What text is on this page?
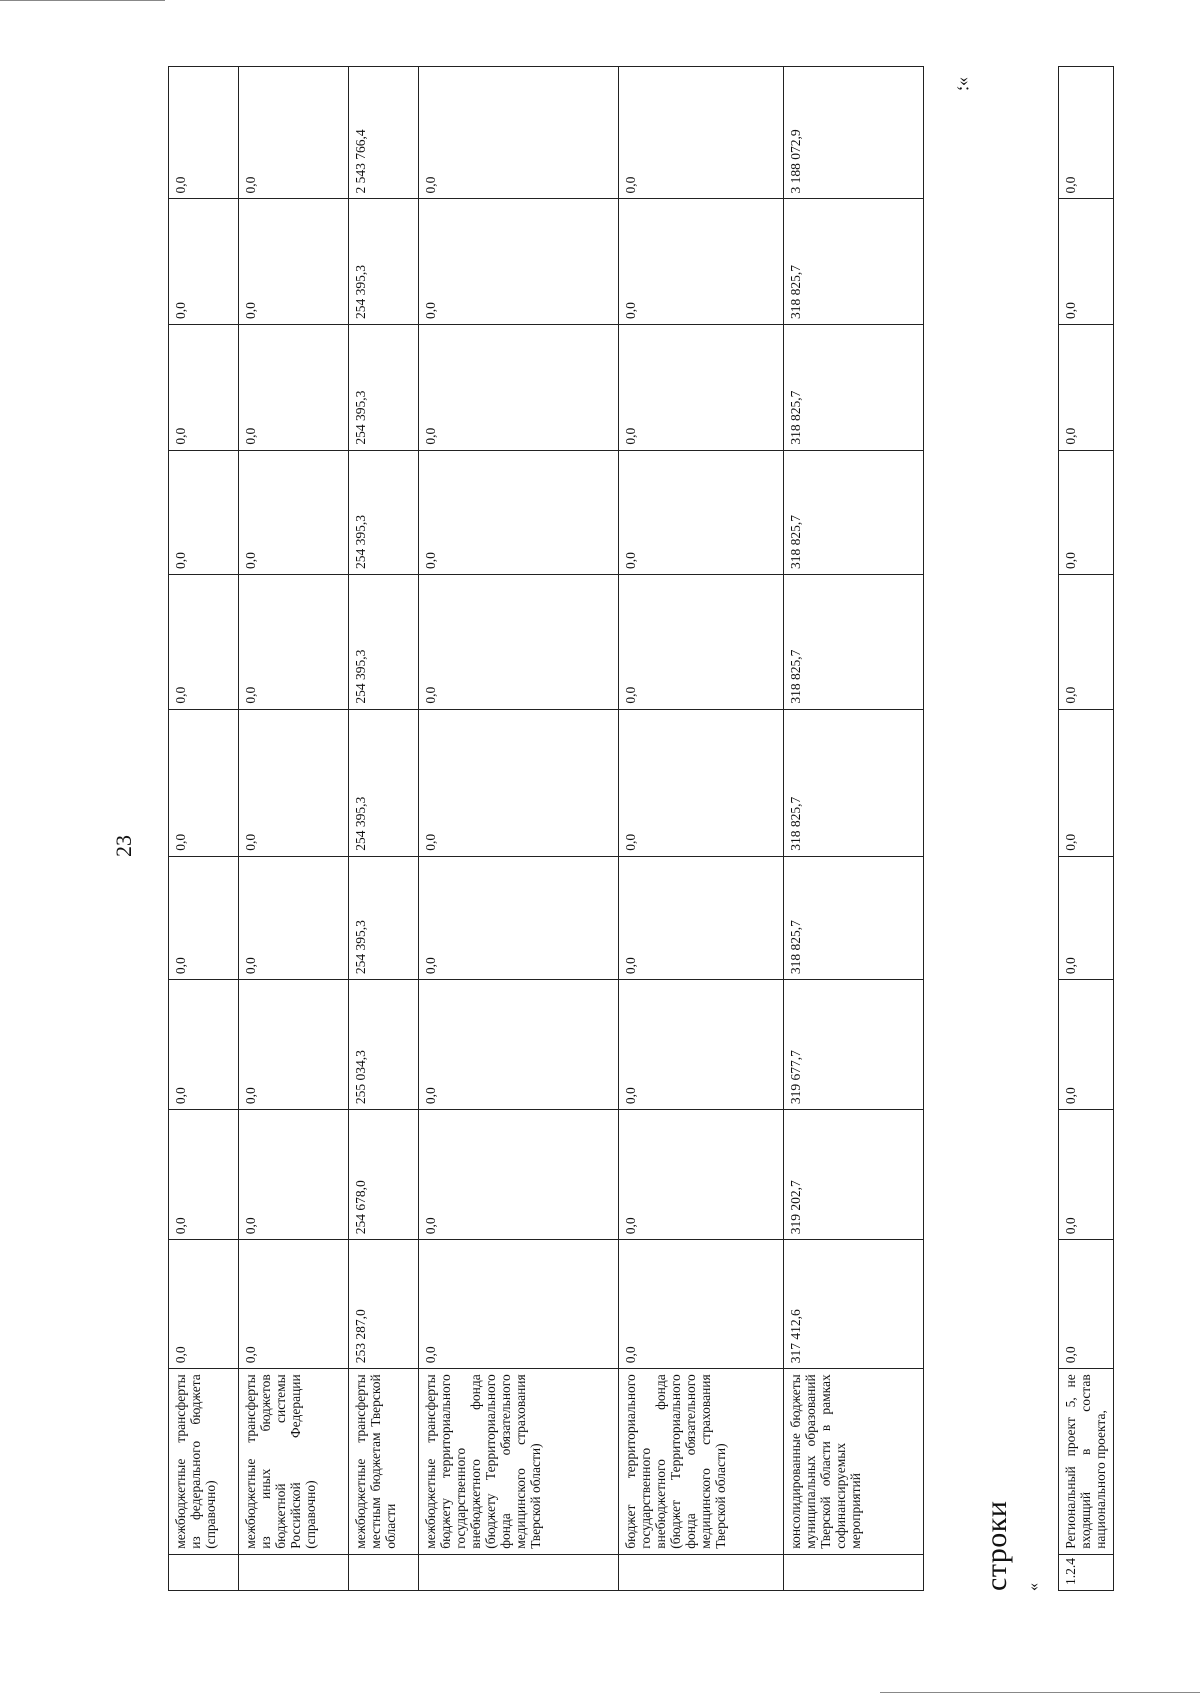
23
	межбюджетные трансферты из федерального бюджета (справочно)	0,0	0,0	0,0	0,0	0,0	0,0	0,0	0,0	0,0	0,0
	межбюджетные трансферты из иных бюджетов бюджетной системы Российской Федерации (справочно)	0,0	0,0	0,0	0,0	0,0	0,0	0,0	0,0	0,0	0,0
	межбюджетные трансферты местным бюджетам Тверской области	253 287,0	254 678,0	255 034,3	254 395,3	254 395,3	254 395,3	254 395,3	254 395,3	254 395,3	2 543 766,4
	межбюджетные трансферты бюджету территориального государственного внебюджетного фонда (бюджету Территориального фонда обязательного медицинского страхования Тверской области)	0,0	0,0	0,0	0,0	0,0	0,0	0,0	0,0	0,0	0,0
	бюджет территориального государственного внебюджетного фонда (бюджет Территориального фонда обязательного медицинского страхования Тверской области)	0,0	0,0	0,0	0,0	0,0	0,0	0,0	0,0	0,0	0,0
	консолидированные бюджеты муниципальных образований Тверской области в рамках софинансируемых мероприятий	317 412,6	319 202,7	319 677,7	318 825,7	318 825,7	318 825,7	318 825,7	318 825,7	318 825,7	3 188 072,9
»;
строки «
1.2.4	Региональный проект 5, не входящий в состав национального проекта,	0,0	0,0	0,0	0,0	0,0	0,0	0,0	0,0	0,0	0,0
